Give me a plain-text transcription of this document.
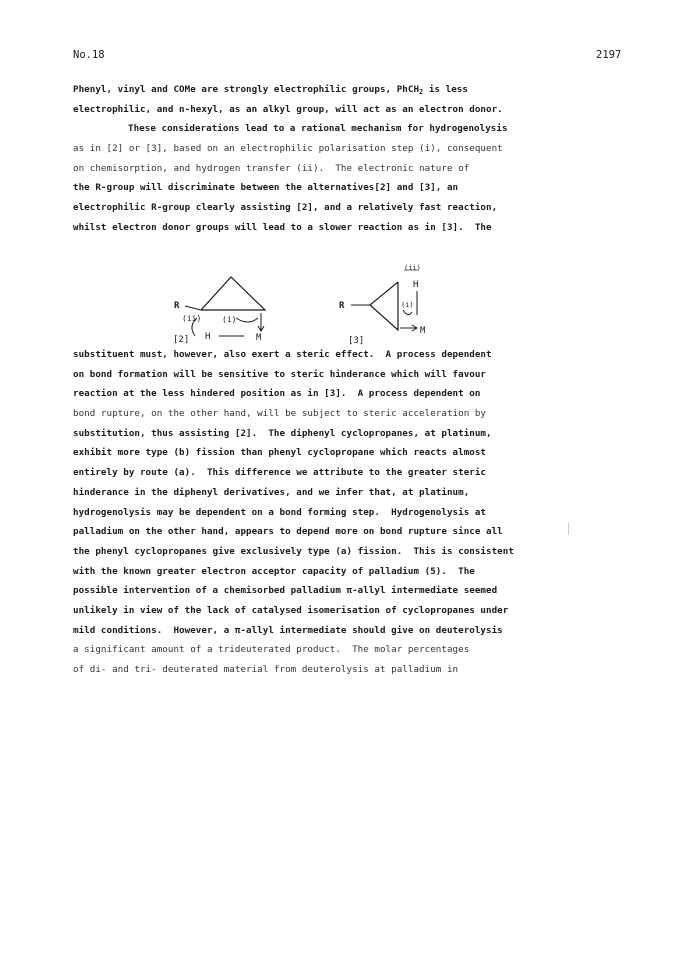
No.18	2197
Phenyl, vinyl and COMe are strongly electrophilic groups, PhCH$_2$ is less
electrophilic, and n-hexyl, as an alkyl group, will act as an electron donor.
These considerations lead to a rational mechanism for hydrogenolysis
as in [2] or [3], based on an electrophilic polarisation step (i), consequent
on chemisorption, and hydrogen transfer (ii).  The electronic nature of
the R-group will discriminate between the alternatives[2] and [3], an
electrophilic R-group clearly assisting [2], and a relatively fast reaction,
whilst electron donor groups will lead to a slower reaction as in [3].  The
R
(ii)	(i)
H	M
[2]
R
(ii)
H
(i)
M
[3]
substituent must, however, also exert a steric effect.  A process dependent
on bond formation will be sensitive to steric hinderance which will favour
reaction at the less hindered position as in [3].  A process dependent on
bond rupture, on the other hand, will be subject to steric acceleration by
substitution, thus assisting [2].  The diphenyl cyclopropanes, at platinum,
exhibit more type (b) fission than phenyl cyclopropane which reacts almost
entirely by route (a).  This difference we attribute to the greater steric
hinderance in the diphenyl derivatives, and we infer that, at platinum,
hydrogenolysis may be dependent on a bond forming step.  Hydrogenolysis at
palladium on the other hand, appears to depend more on bond rupture since all
the phenyl cyclopropanes give exclusively type (a) fission.  This is consistent
with the known greater electron acceptor capacity of palladium (5).  The
possible intervention of a chemisorbed palladium π-allyl intermediate seemed
unlikely in view of the lack of catalysed isomerisation of cyclopropanes under
mild conditions.  However, a π-allyl intermediate should give on deuterolysis
a significant amount of a trideuterated product.  The molar percentages
of di- and tri- deuterated material from deuterolysis at palladium in
